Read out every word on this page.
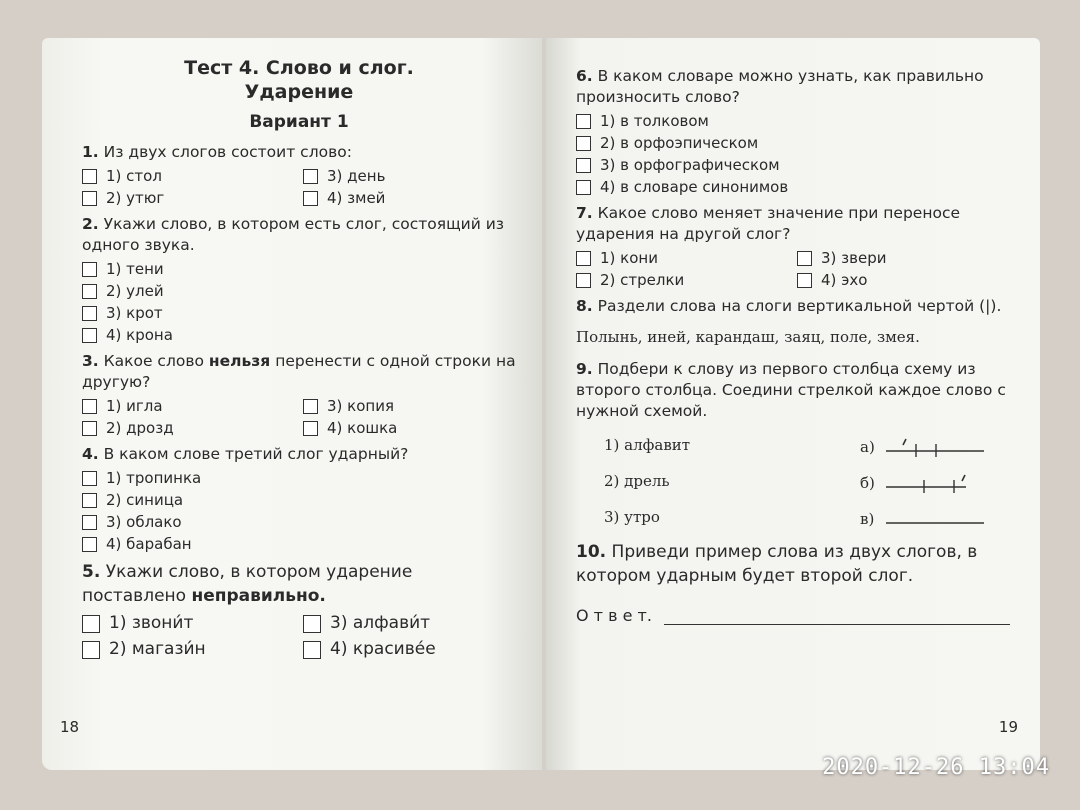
Тест 4. Слово и слог.
Ударение
Вариант 1
1. Из двух слогов состоит слово:
1) стол	3) день
2) утюг	4) змей
2. Укажи слово, в котором есть слог, состоящий из одного звука.
1) тени
2) улей
3) крот
4) крона
3. Какое слово нельзя перенести с одной строки на другую?
1) игла	3) копия
2) дрозд	4) кошка
4. В каком слове третий слог ударный?
1) тропинка
2) синица
3) облако
4) барабан
5. Укажи слово, в котором ударение поставлено неправильно.
1) звони́т	3) алфави́т
2) магази́н	4) красиве́е
18
6. В каком словаре можно узнать, как правильно произносить слово?
1) в толковом
2) в орфоэпическом
3) в орфографическом
4) в словаре синонимов
7. Какое слово меняет значение при переносе ударения на другой слог?
1) кони	3) звери
2) стрелки	4) эхо
8. Раздели слова на слоги вертикальной чертой (|).
Полынь, иней, карандаш, заяц, поле, змея.
9. Подбери к слову из первого столбца схему из второго столбца. Соедини стрелкой каждое слово с нужной схемой.
1) алфавит	а)
2) дрель	б)
3) утро	в)
10. Приведи пример слова из двух слогов, в котором ударным будет второй слог.
О т в е т.
19
2020-12-26 13:04
